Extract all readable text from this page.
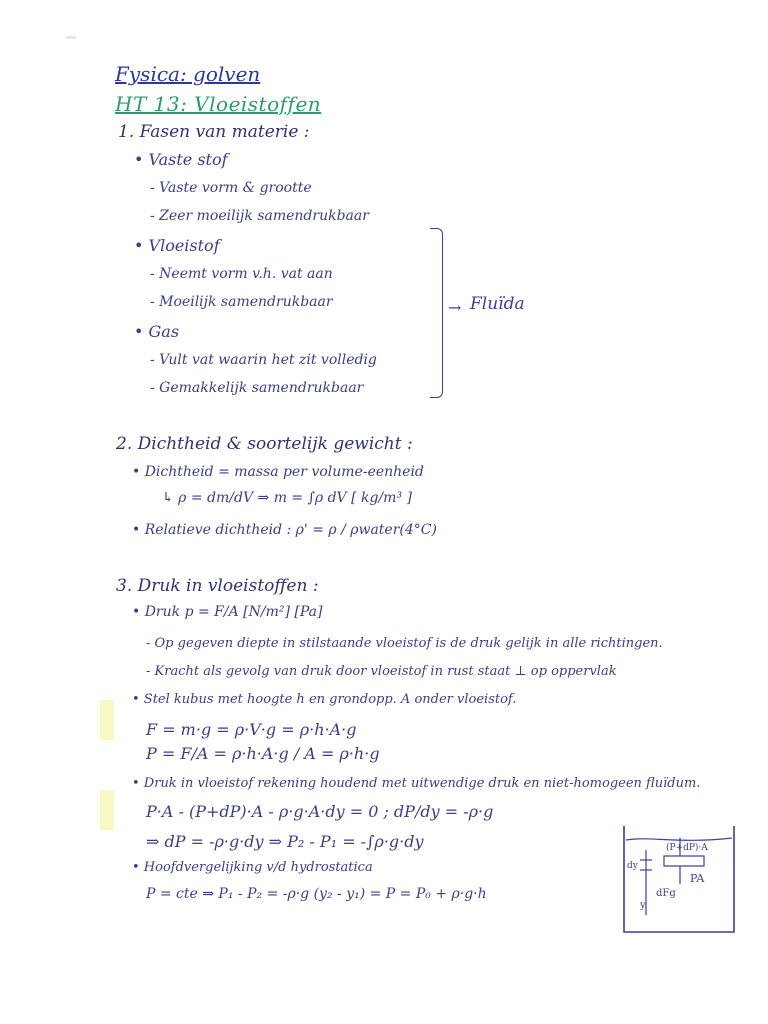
Fysica: golven
HT 13: Vloeistoffen
1. Fasen van materie :
• Vaste stof
- Vaste vorm & grootte
- Zeer moeilijk samendrukbaar
• Vloeistof
- Neemt vorm v.h. vat aan
- Moeilijk samendrukbaar
• Gas
- Vult vat waarin het zit volledig
- Gemakkelijk samendrukbaar
→ Fluïda
2. Dichtheid & soortelijk gewicht :
• Dichtheid = massa per volume-eenheid
↳ ρ = dm/dV ⇒ m = ∫ρ dV [ kg/m³ ]
• Relatieve dichtheid : ρ' = ρ / ρwater(4°C)
3. Druk in vloeistoffen :
• Druk p = F/A [N/m²] [Pa]
- Op gegeven diepte in stilstaande vloeistof is de druk gelijk in alle richtingen.
- Kracht als gevolg van druk door vloeistof in rust staat ⊥ op oppervlak
• Stel kubus met hoogte h en grondopp. A onder vloeistof.
F = m·g = ρ·V·g = ρ·h·A·g
P = F/A = ρ·h·A·g / A = ρ·h·g
• Druk in vloeistof rekening houdend met uitwendige druk en niet-homogeen fluïdum.
P·A - (P+dP)·A - ρ·g·A·dy = 0 ; dP/dy = -ρ·g
⇒ dP = -ρ·g·dy ⇒ P₂ - P₁ = -∫ρ·g·dy
• Hoofdvergelijking v/d hydrostatica
P = cte ⇒ P₁ - P₂ = -ρ·g (y₂ - y₁) = P = P₀ + ρ·g·h
(P+dP)·A
PA
dy
dFg
y
